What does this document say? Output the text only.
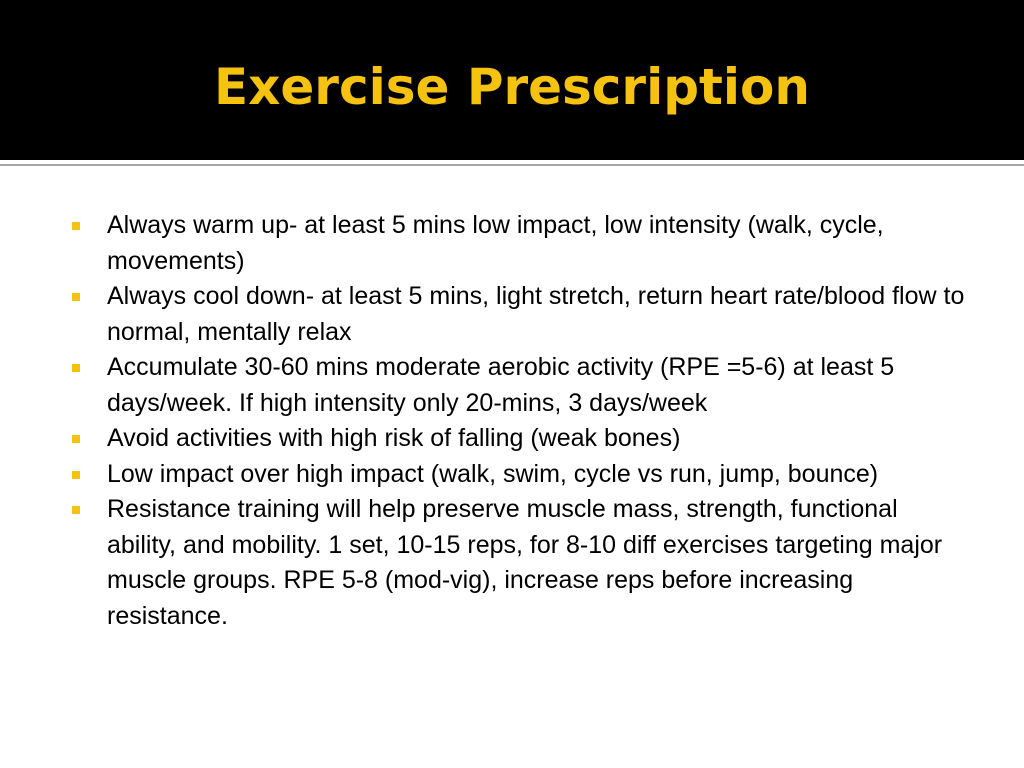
Exercise Prescription
Always warm up- at least 5 mins low impact, low intensity (walk, cycle, movements)
Always cool down- at least 5 mins, light stretch, return heart rate/blood flow to normal, mentally relax
Accumulate 30-60 mins moderate aerobic activity (RPE =5-6) at least 5 days/week. If high intensity only 20-mins, 3 days/week
Avoid activities with high risk of falling (weak bones)
Low impact over high impact (walk, swim, cycle vs run, jump, bounce)
Resistance training will help preserve muscle mass, strength, functional ability, and mobility. 1 set, 10-15 reps, for 8-10 diff exercises targeting major muscle groups. RPE 5-8 (mod-vig), increase reps before increasing resistance.
